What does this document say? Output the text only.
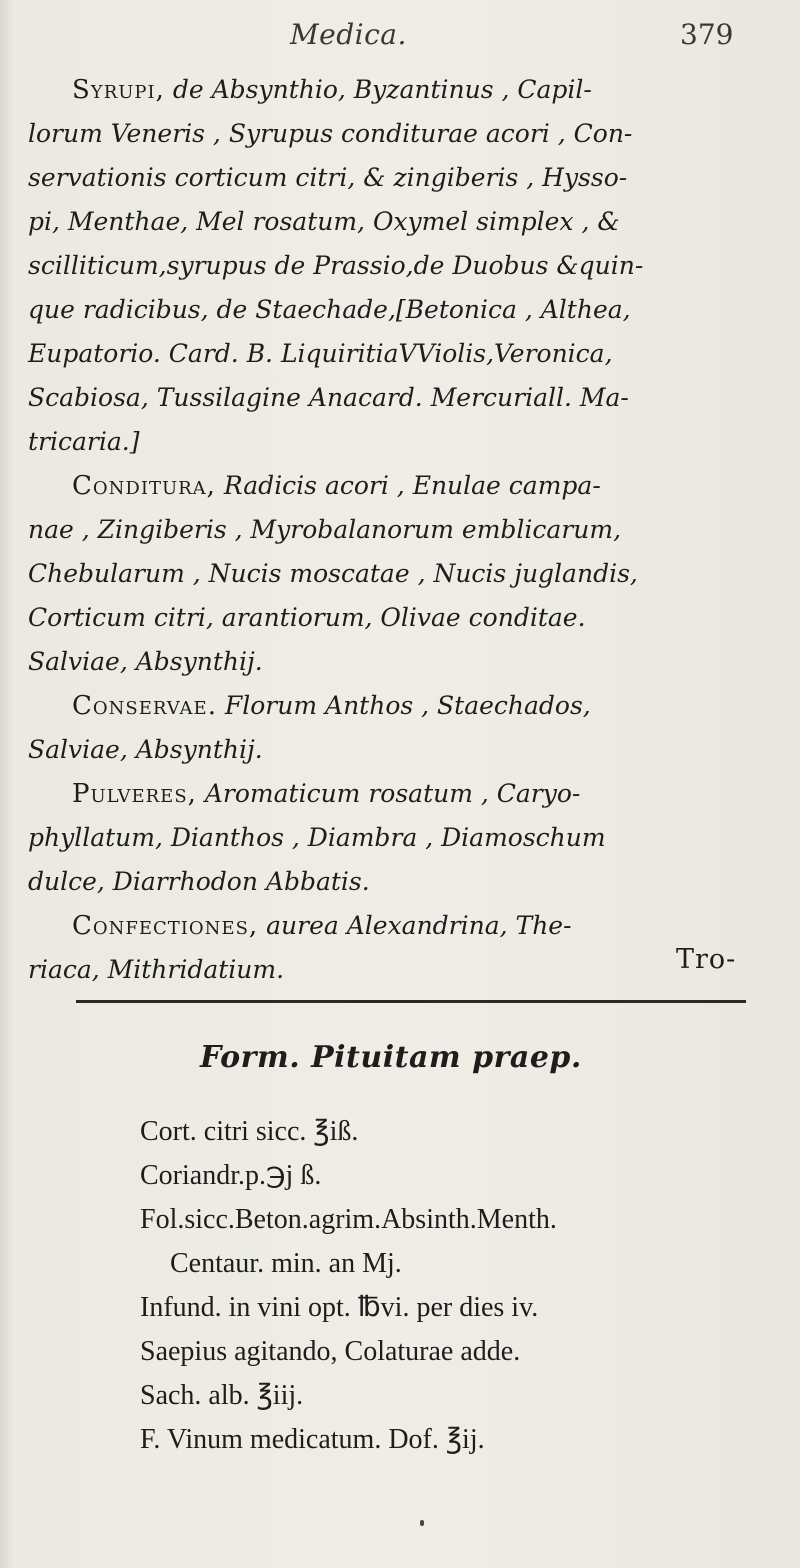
Medica.	379
Syrupi, de Absynthio, Byzantinus , Capil-
lorum Veneris , Syrupus conditurae acori , Con-
servationis corticum citri, & zingiberis , Hysso-
pi, Menthae, Mel rosatum, Oxymel simplex , &
scilliticum,syrupus de Prassio,de Duobus &quin-
que radicibus, de Staechade,[Betonica , Althea,
Eupatorio. Card. B. LiquiritiaVViolis,Veronica,
Scabiosa, Tussilagine Anacard. Mercuriall. Ma-
tricaria.]
Conditura, Radicis acori , Enulae campa-
nae , Zingiberis , Myrobalanorum emblicarum,
Chebularum , Nucis moscatae , Nucis juglandis,
Corticum citri, arantiorum, Olivae conditae.
Salviae, Absynthij.
Conservae. Florum Anthos , Staechados,
Salviae, Absynthij.
Pulveres, Aromaticum rosatum , Caryo-
phyllatum, Dianthos , Diambra , Diamoschum
dulce, Diarrhodon Abbatis.
Confectiones, aurea Alexandrina, The-
riaca, Mithridatium.	Tro-
Form. Pituitam praep.
Cort. citri sicc. ℥iß.
Coriandr.p.℈j ß.
Fol.sicc.Beton.agrim.Absinth.Menth.
Centaur. min. an Mj.
Infund. in vini opt. ℔vi. per dies iv.
Saepius agitando, Colaturae adde.
Sach. alb. ℥iij.
F. Vinum medicatum. Dof. ℥ij.
